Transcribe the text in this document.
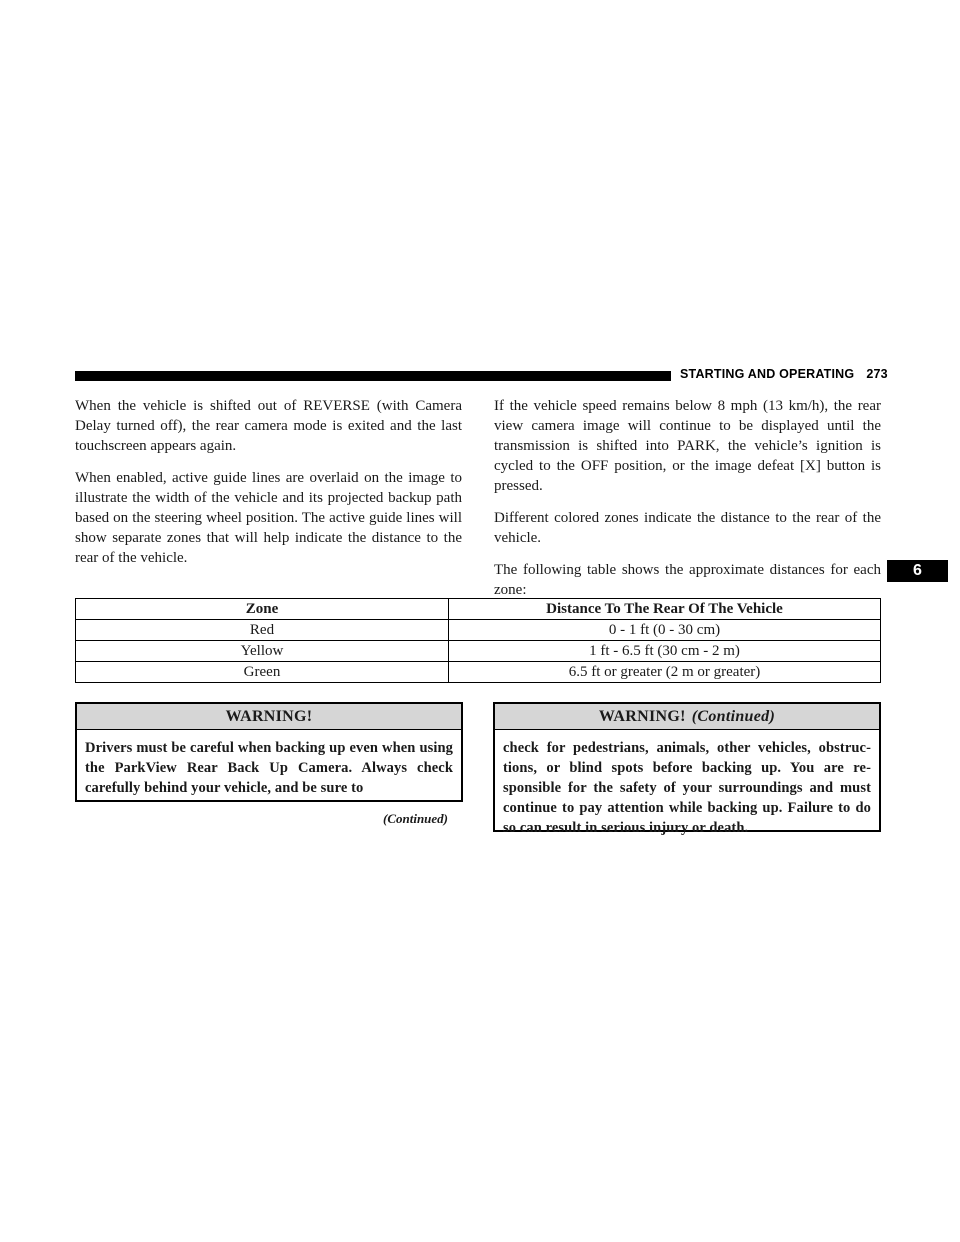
STARTING AND OPERATING 273
6

When the vehicle is shifted out of REVERSE (with Camera Delay turned off), the rear camera mode is exited and the last touchscreen appears again.

When enabled, active guide lines are overlaid on the image to illustrate the width of the vehicle and its projected backup path based on the steering wheel position. The active guide lines will show separate zones that will help indicate the distance to the rear of the vehicle.

If the vehicle speed remains below 8 mph (13 km/h), the rear view camera image will continue to be displayed until the transmission is shifted into PARK, the vehicle’s ignition is cycled to the OFF position, or the image defeat [X] button is pressed.

Different colored zones indicate the distance to the rear of the vehicle.

The following table shows the approximate distances for each zone:

Zone	Distance To The Rear Of The Vehicle
Red	0 - 1 ft (0 - 30 cm)
Yellow	1 ft - 6.5 ft (30 cm - 2 m)
Green	6.5 ft or greater (2 m or greater)
WARNING!
Drivers must be careful when backing up even when using the ParkView Rear Back Up Camera. Always check carefully behind your vehicle, and be sure to
(Continued)
WARNING! (Continued)
check for pedestrians, animals, other vehicles, obstruc-tions, or blind spots before backing up. You are re-sponsible for the safety of your surroundings and must continue to pay attention while backing up. Failure to do so can result in serious injury or death.
